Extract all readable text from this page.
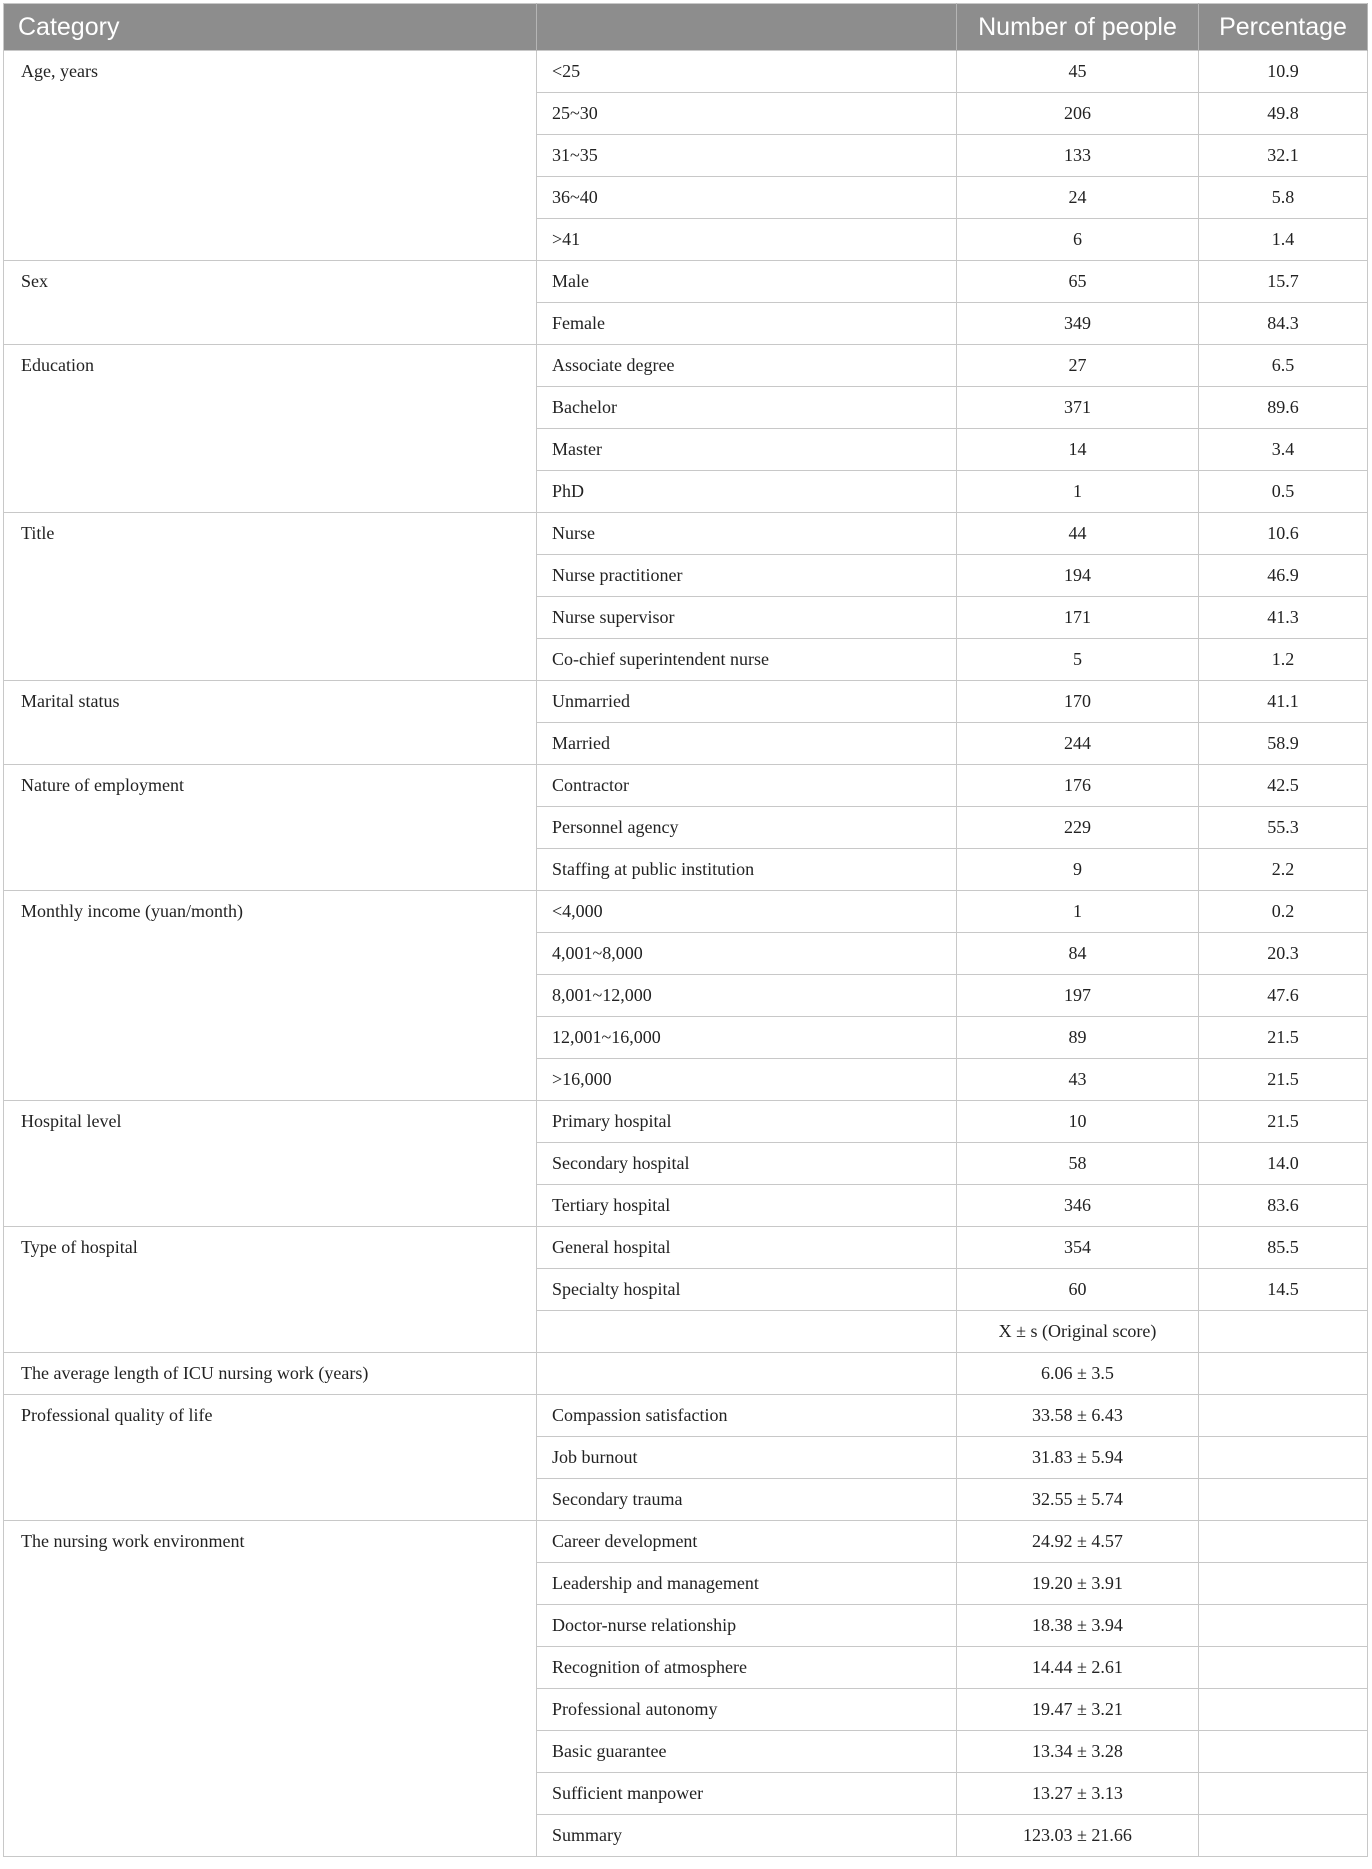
Category		Number of people	Percentage
Age, years	<25	45	10.9
	25~30	206	49.8
	31~35	133	32.1
	36~40	24	5.8
	>41	6	1.4
Sex	Male	65	15.7
	Female	349	84.3
Education	Associate degree	27	6.5
	Bachelor	371	89.6
	Master	14	3.4
	PhD	1	0.5
Title	Nurse	44	10.6
	Nurse practitioner	194	46.9
	Nurse supervisor	171	41.3
	Co-chief superintendent nurse	5	1.2
Marital status	Unmarried	170	41.1
	Married	244	58.9
Nature of employment	Contractor	176	42.5
	Personnel agency	229	55.3
	Staffing at public institution	9	2.2
Monthly income (yuan/month)	<4,000	1	0.2
	4,001~8,000	84	20.3
	8,001~12,000	197	47.6
	12,001~16,000	89	21.5
	>16,000	43	21.5
Hospital level	Primary hospital	10	21.5
	Secondary hospital	58	14.0
	Tertiary hospital	346	83.6
Type of hospital	General hospital	354	85.5
	Specialty hospital	60	14.5
		X ± s (Original score)	
The average length of ICU nursing work (years)		6.06 ± 3.5	
Professional quality of life	Compassion satisfaction	33.58 ± 6.43	
	Job burnout	31.83 ± 5.94	
	Secondary trauma	32.55 ± 5.74	
The nursing work environment	Career development	24.92 ± 4.57	
	Leadership and management	19.20 ± 3.91	
	Doctor-nurse relationship	18.38 ± 3.94	
	Recognition of atmosphere	14.44 ± 2.61	
	Professional autonomy	19.47 ± 3.21	
	Basic guarantee	13.34 ± 3.28	
	Sufficient manpower	13.27 ± 3.13	
	Summary	123.03 ± 21.66	
